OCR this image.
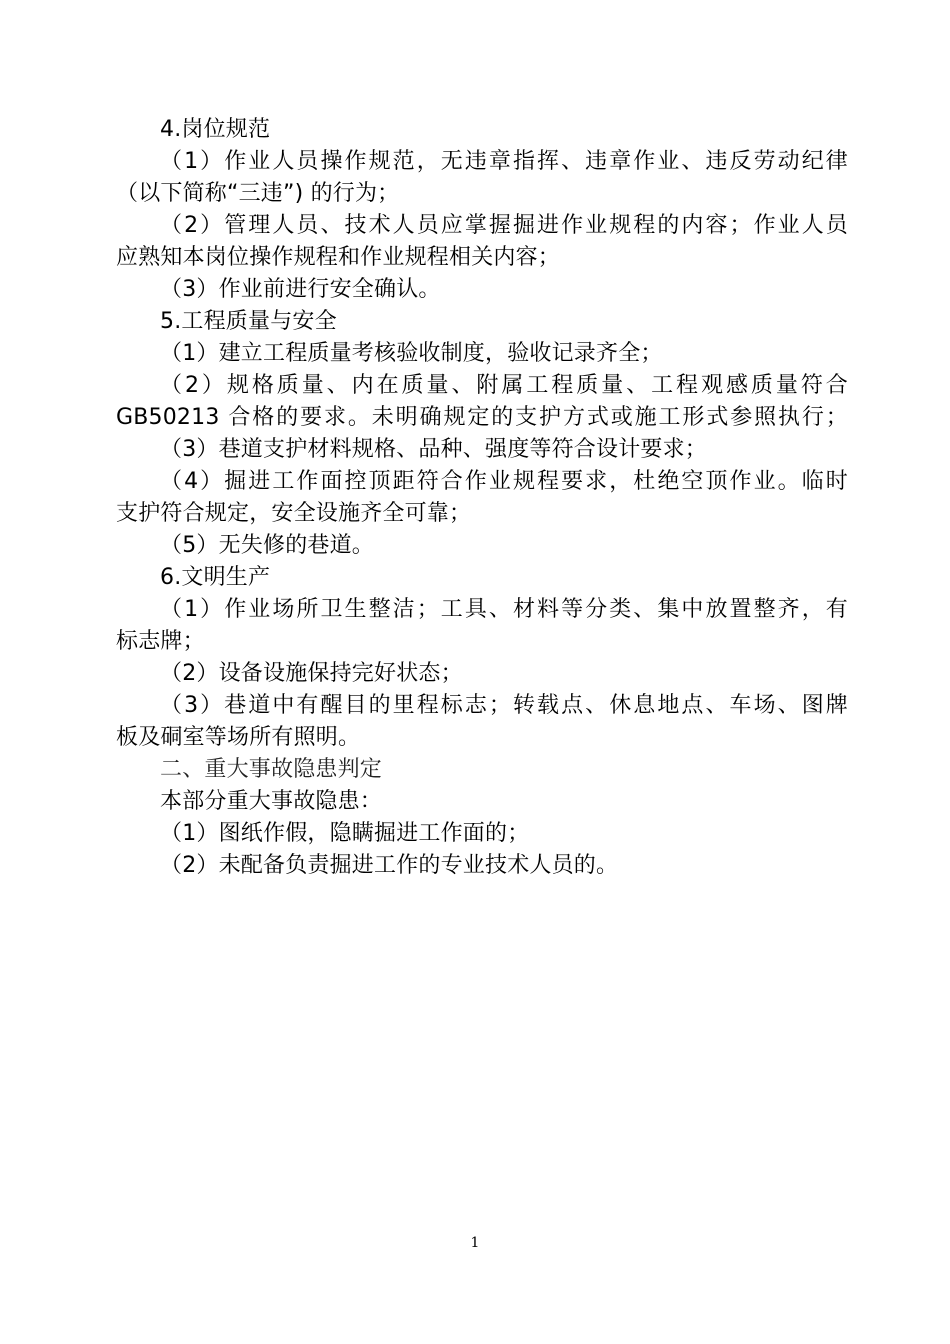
4.岗位规范
（1）作业人员操作规范，无违章指挥、违章作业、违反劳动纪律
（以下简称“三违”) 的行为；
（2）管理人员、技术人员应掌握掘进作业规程的内容；作业人员
应熟知本岗位操作规程和作业规程相关内容；
（3）作业前进行安全确认。
5.工程质量与安全
（1）建立工程质量考核验收制度，验收记录齐全；
（2）规格质量、内在质量、附属工程质量、工程观感质量符合
GB50213 合格的要求。未明确规定的支护方式或施工形式参照执行；
（3）巷道支护材料规格、品种、强度等符合设计要求；
（4）掘进工作面控顶距符合作业规程要求，杜绝空顶作业。临时
支护符合规定，安全设施齐全可靠；
（5）无失修的巷道。
6.文明生产
（1）作业场所卫生整洁；工具、材料等分类、集中放置整齐，有
标志牌；
（2）设备设施保持完好状态；
（3）巷道中有醒目的里程标志；转载点、休息地点、车场、图牌
板及硐室等场所有照明。
二、重大事故隐患判定
本部分重大事故隐患：
（1）图纸作假，隐瞒掘进工作面的；
（2）未配备负责掘进工作的专业技术人员的。
1
